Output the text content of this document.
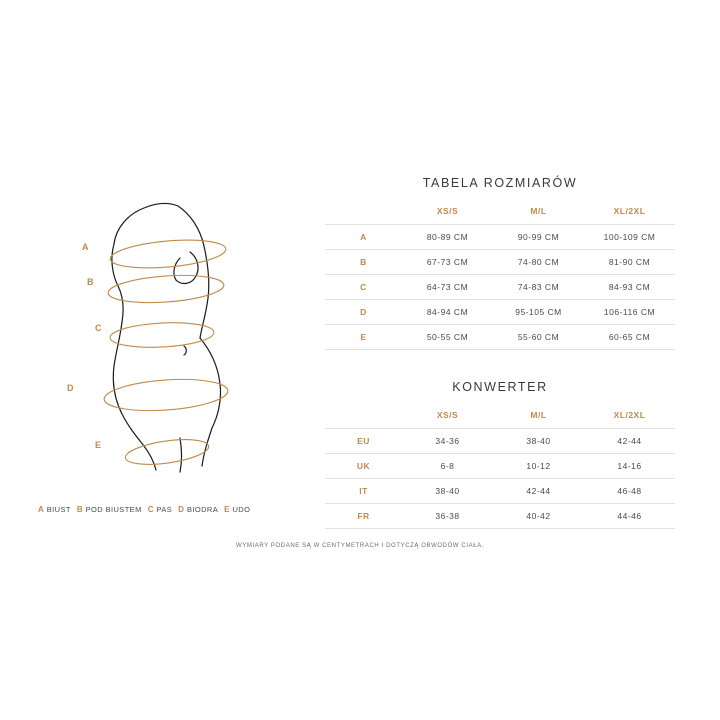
A
B
C
D
E
A BIUST B POD BIUSTEM C PAS D BIODRA E UDO
TABELA ROZMIARÓW
	XS/S	M/L	XL/2XL
A	80-89 CM	90-99 CM	100-109 CM
B	67-73 CM	74-80 CM	81-90 CM
C	64-73 CM	74-83 CM	84-93 CM
D	84-94 CM	95-105 CM	106-116 CM
E	50-55 CM	55-60 CM	60-65 CM
KONWERTER
	XS/S	M/L	XL/2XL
EU	34-36	38-40	42-44
UK	6-8	10-12	14-16
IT	38-40	42-44	46-48
FR	36-38	40-42	44-46
WYMIARY PODANE SĄ W CENTYMETRACH I DOTYCZĄ OBWODÓW CIAŁA.
